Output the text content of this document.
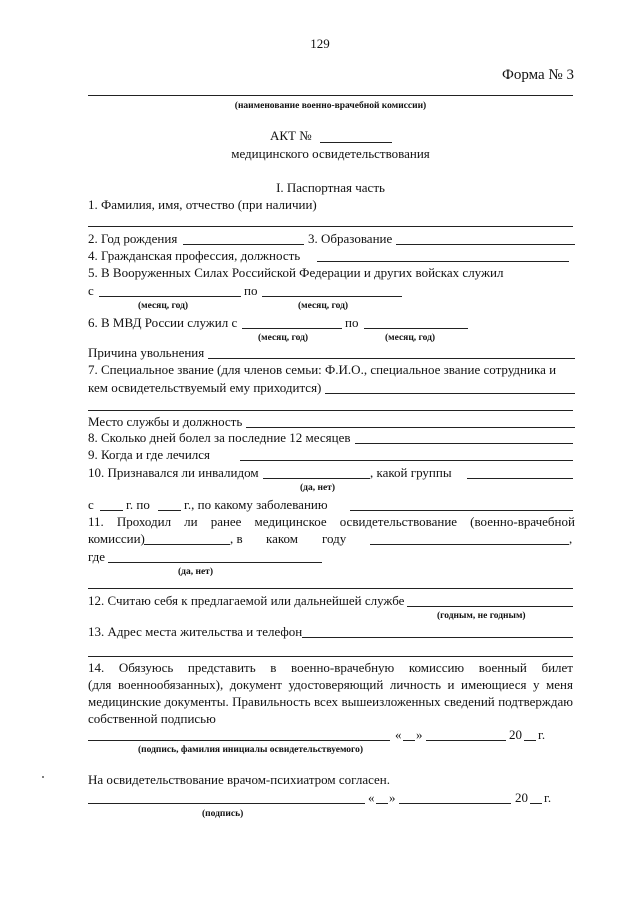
129
Форма № 3
(наименование военно-врачебной комиссии)
АКТ №
медицинского освидетельствования
I. Паспортная часть
1. Фамилия, имя, отчество (при наличии)
2. Год рождения	3. Образование
4. Гражданская профессия, должность
5. В Вооруженных Силах Российской Федерации и других войсках служил
с	по
(месяц, год)	(месяц, год)
6. В МВД России служил с	по
(месяц, год)	(месяц, год)
Причина увольнения
7. Специальное звание (для членов семьи: Ф.И.О., специальное звание сотрудника и
кем освидетельствуемый ему приходится)
Место службы и должность
8. Сколько дней болел за последние 12 месяцев
9. Когда и где лечился
10. Признавался ли инвалидом	, какой группы
(да, нет)
с г. по	г., по какому заболеванию
11. Проходил ли ранее медицинское освидетельствование (военно-врачебной
комиссии)	, в каком году	,
где
(да, нет)
12. Считаю себя к предлагаемой или дальнейшей службе
(годным, не годным)
13. Адрес места жительства и телефон
14. Обязуюсь представить в военно-врачебную комиссию военный билет
(для военнообязанных), документ удостоверяющий личность и имеющиеся у меня
медицинские документы. Правильность всех вышеизложенных сведений подтверждаю
собственной подписью
« »	20 г.
(подпись, фамилия инициалы освидетельствуемого)
На освидетельствование врачом-психиатром согласен.
« »	20 г.
(подпись)
